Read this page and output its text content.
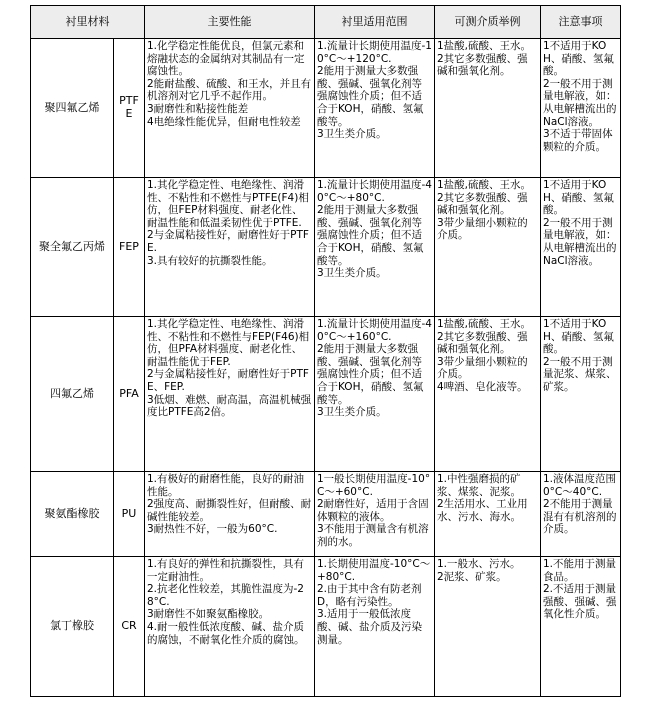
衬里材料		主要性能	衬里适用范围	可测介质举例	注意事项
聚四氟乙烯	PTFE	1.化学稳定性能优良，但氯元素和熔融状态的金属纳对其制品有一定腐蚀性。
2能耐盐酸、硫酸、和王水，并且有机溶剂对它几乎不起作用。
3耐磨性和粘接性能差
4电绝缘性能优异，但耐电性较差	1.流量计长期使用温度-10°C～+120°C.
2能用于测量大多数强酸、强碱、强氧化剂等强腐蚀性介质；但不适合于KOH，硝酸、氢氟酸等。
3卫生类介质。	1盐酸,硫酸、王水。
2其它多数强酸、强碱和强氧化剂。	1不适用于KOH、硝酸、氢氟酸。
2一般不用于测量电解液，如：从电解槽流出的NaCl溶液。
3不适于带固体颗粒的介质。

聚全氟乙丙烯	FEP	1.其化学稳定性、电绝缘性、润滑性、不粘性和不燃性与PTFE(F4)相仿，但FEP材料强度、耐老化性、耐温性能和低温柔韧性优于PTFE.
2与金属粘接性好，耐磨性好于PTFE.
3.具有较好的抗撕裂性能。	1.流量计长期使用温度-40°C～+80°C.
2能用于测量大多数强酸、强碱、强氧化剂等强腐蚀性介质；但不适合于KOH，硝酸、氢氟酸等。
3卫生类介质。	1盐酸,硫酸、王水。
2其它多数强酸、强碱和强氧化剂。
3带少量细小颗粒的介质。	1不适用于KOH、硝酸、氢氟酸。
2一般不用于测量电解液，如：从电解槽流出的NaCl溶液。

四氟乙烯	PFA	1.其化学稳定性、电绝缘性、润滑性、不粘性和不燃性与FEP(F46)相仿，但PFA材料强度、耐老化性、耐温性能优于FEP.
2与金属粘接性好，耐磨性好于PTFE、FEP.
3低烟、难燃、耐高温，高温机械强度比PTFE高2倍。	1.流量计长期使用温度-40°C～+160°C.
2能用于测量大多数强酸、强碱、强氧化剂等强腐蚀性介质；但不适合于KOH，硝酸、氢氟酸等。
3卫生类介质。	1盐酸,硫酸、王水。
2其它多数强酸、强碱和强氧化剂。
3带少量细小颗粒的介质。
4啤酒、皂化液等。	1不适用于KOH、硝酸、氢氟酸。
2一般不用于测量泥浆、煤浆、矿浆。

聚氨酯橡胶	PU	1.有极好的耐磨性能，良好的耐油性能。
2强度高、耐撕裂性好，但耐酸、耐碱性能较差。
3耐热性不好，一般为60°C.	1一般长期使用温度-10°C～+60°C.
2耐磨性好，适用于含固体颗粒的液体。
3不能用于测量含有机溶剂的水。	1.中性强磨损的矿浆、煤浆、泥浆。
2生活用水、工业用水、污水、海水。	1.液体温度范围0°C～40°C.
2不能用于测量混有有机溶剂的介质。

氯丁橡胶	CR	1.有良好的弹性和抗撕裂性，具有一定耐油性。
2.抗老化性较差，其脆性温度为-28°C.
3耐磨性不如聚氨酯橡胶。
4.耐一般性低浓度酸、碱、盐介质的腐蚀，不耐氧化性介质的腐蚀。	1.长期使用温度-10°C～+80°C.
2.由于其中含有防老剂D，略有污染性。
3.适用于一般低浓度酸、碱、盐介质及污染测量。	1.一般水、污水。
2泥浆、矿浆。	1.不能用于测量食品。
2.不适用于测量强酸、强碱、强氧化性介质。
